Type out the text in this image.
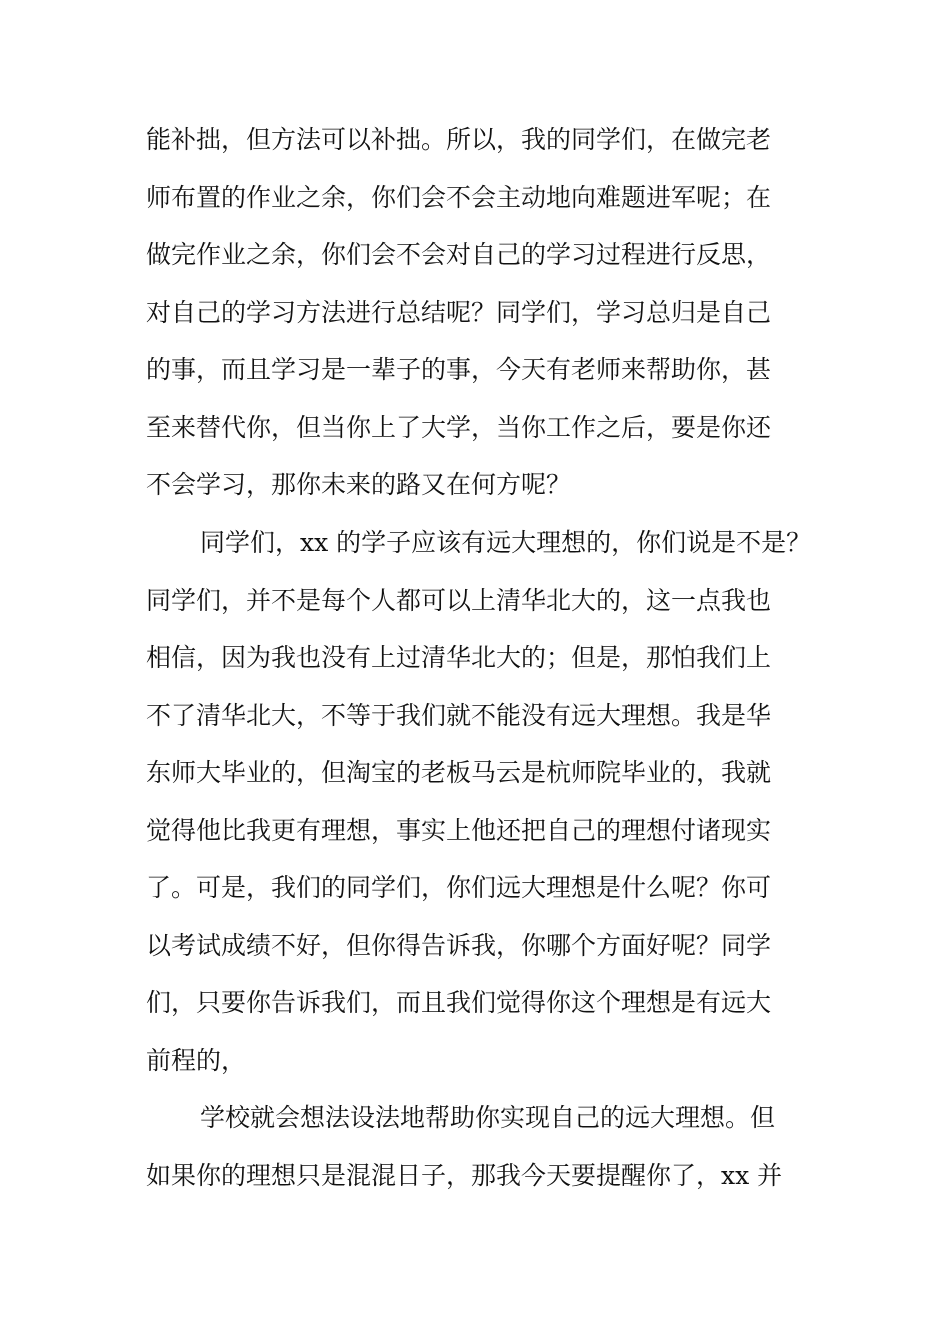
能补拙，但方法可以补拙。所以，我的同学们，在做完老
师布置的作业之余，你们会不会主动地向难题进军呢；在
做完作业之余，你们会不会对自己的学习过程进行反思，
对自己的学习方法进行总结呢？同学们，学习总归是自己
的事，而且学习是一辈子的事，今天有老师来帮助你，甚
至来替代你，但当你上了大学，当你工作之后，要是你还
不会学习，那你未来的路又在何方呢？
同学们，xx 的学子应该有远大理想的，你们说是不是？
同学们，并不是每个人都可以上清华北大的，这一点我也
相信，因为我也没有上过清华北大的；但是，那怕我们上
不了清华北大，不等于我们就不能没有远大理想。我是华
东师大毕业的，但淘宝的老板马云是杭师院毕业的，我就
觉得他比我更有理想，事实上他还把自己的理想付诸现实
了。可是，我们的同学们，你们远大理想是什么呢？你可
以考试成绩不好，但你得告诉我，你哪个方面好呢？同学
们，只要你告诉我们，而且我们觉得你这个理想是有远大
前程的，
学校就会想法设法地帮助你实现自己的远大理想。但
如果你的理想只是混混日子，那我今天要提醒你了，xx 并
